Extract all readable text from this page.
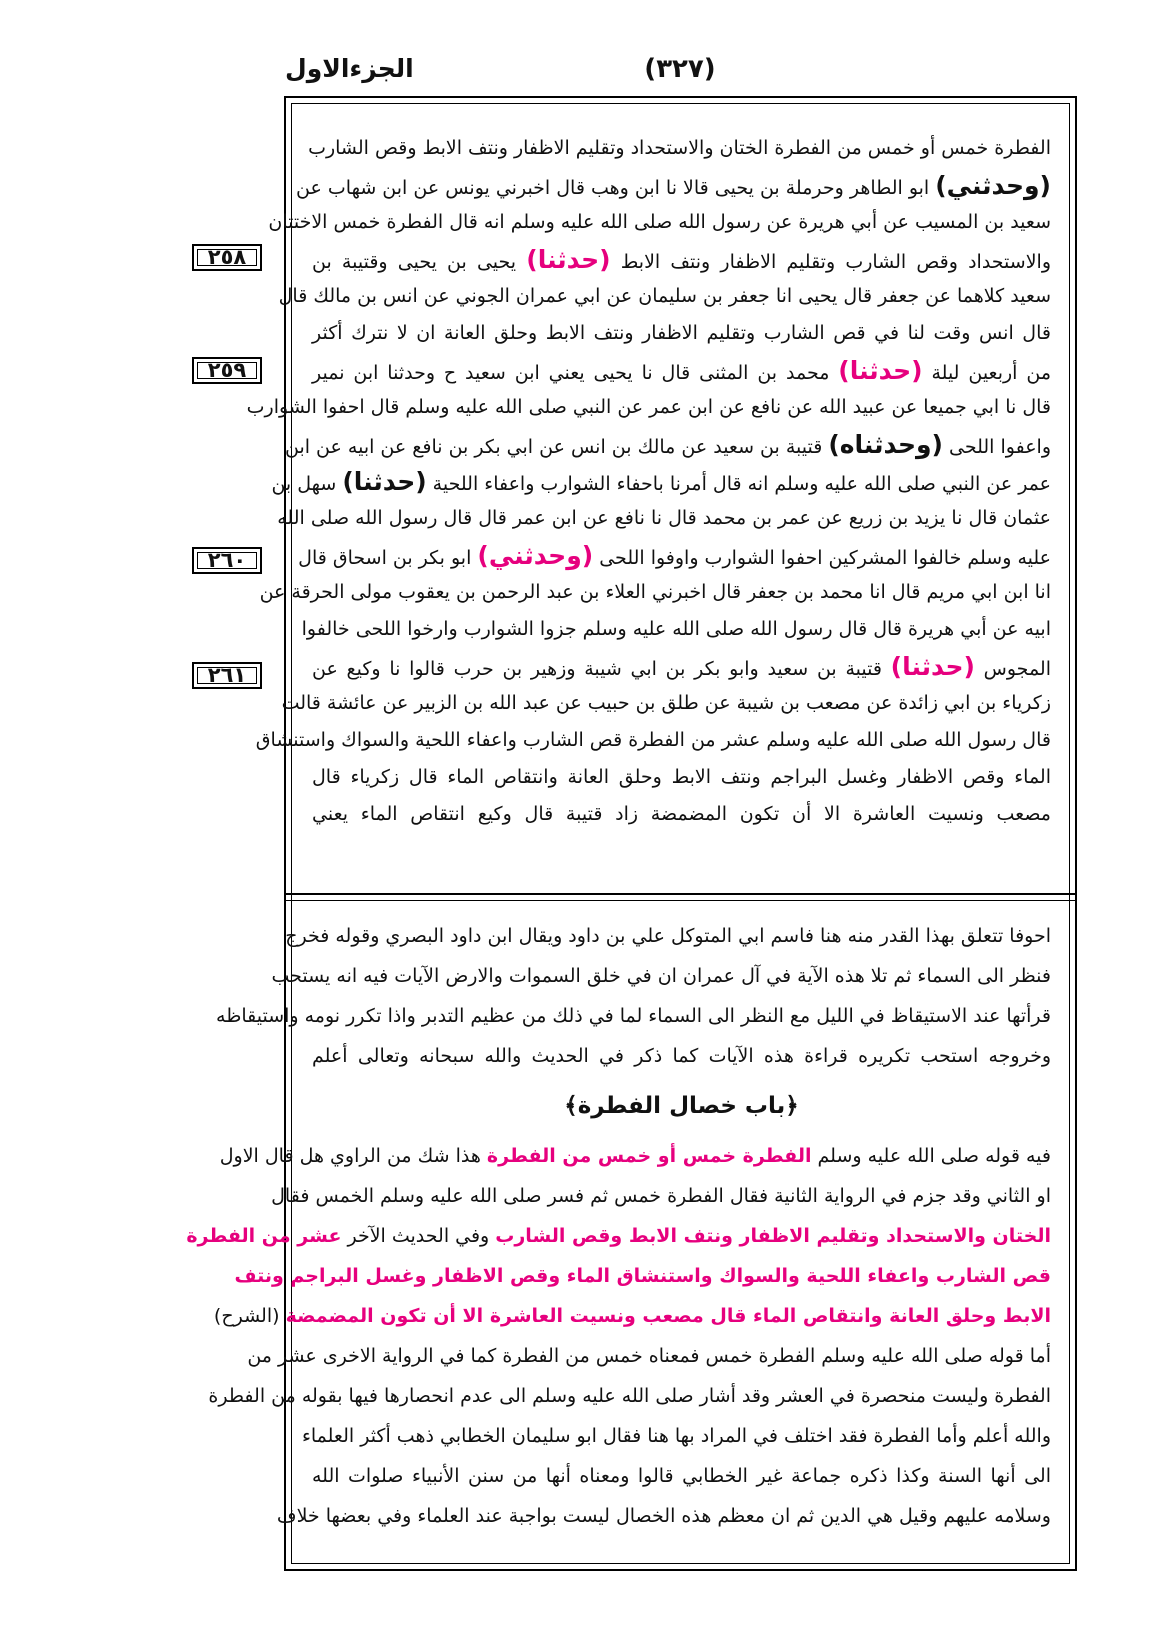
الجزءالاول	(٣٢٧)
٢٥٨
٢٥٩
٢٦٠
٢٦١
الفطرة خمس أو خمس من الفطرة الختان والاستحداد وتقليم الاظفار ونتف الابط وقص الشارب
(وحدثني) ابو الطاهر وحرملة بن يحيى قالا نا ابن وهب قال اخبرني يونس عن ابن شهاب عن
سعيد بن المسيب عن أبي هريرة عن رسول الله صلى الله عليه وسلم انه قال الفطرة خمس الاختتان
والاستحداد وقص الشارب وتقليم الاظفار ونتف الابط (حدثنا) يحيى بن يحيى وقتيبة بن
سعيد كلاهما عن جعفر قال يحيى انا جعفر بن سليمان عن ابي عمران الجوني عن انس بن مالك قال
قال انس وقت لنا في قص الشارب وتقليم الاظفار ونتف الابط وحلق العانة ان لا نترك أكثر
من أربعين ليلة (حدثنا) محمد بن المثنى قال نا يحيى يعني ابن سعيد ح وحدثنا ابن نمير
قال نا ابي جميعا عن عبيد الله عن نافع عن ابن عمر عن النبي صلى الله عليه وسلم قال احفوا الشوارب
واعفوا اللحى (وحدثناه) قتيبة بن سعيد عن مالك بن انس عن ابي بكر بن نافع عن ابيه عن ابن
عمر عن النبي صلى الله عليه وسلم انه قال أمرنا باحفاء الشوارب واعفاء اللحية (حدثنا) سهل بن
عثمان قال نا يزيد بن زريع عن عمر بن محمد قال نا نافع عن ابن عمر قال قال رسول الله صلى الله
عليه وسلم خالفوا المشركين احفوا الشوارب واوفوا اللحى (وحدثني) ابو بكر بن اسحاق قال
انا ابن ابي مريم قال انا محمد بن جعفر قال اخبرني العلاء بن عبد الرحمن بن يعقوب مولى الحرقة عن
ابيه عن أبي هريرة قال قال رسول الله صلى الله عليه وسلم جزوا الشوارب وارخوا اللحى خالفوا
المجوس (حدثنا) قتيبة بن سعيد وابو بكر بن ابي شيبة وزهير بن حرب قالوا نا وكيع عن
زكرياء بن ابي زائدة عن مصعب بن شيبة عن طلق بن حبيب عن عبد الله بن الزبير عن عائشة قالت
قال رسول الله صلى الله عليه وسلم عشر من الفطرة قص الشارب واعفاء اللحية والسواك واستنشاق
الماء وقص الاظفار وغسل البراجم ونتف الابط وحلق العانة وانتقاص الماء قال زكرياء قال
مصعب ونسيت العاشرة الا أن تكون المضمضة زاد قتيبة قال وكيع انتقاص الماء يعني
احوفا تتعلق بهذا القدر منه هنا فاسم ابي المتوكل علي بن داود ويقال ابن داود البصري وقوله فخرج
فنظر الى السماء ثم تلا هذه الآية في آل عمران ان في خلق السموات والارض الآيات فيه انه يستحب
قرأتها عند الاستيقاظ في الليل مع النظر الى السماء لما في ذلك من عظيم التدبر واذا تكرر نومه واستيقاظه
وخروجه استحب تكريره قراءة هذه الآيات كما ذكر في الحديث والله سبحانه وتعالى أعلم
﴿باب خصال الفطرة﴾
فيه قوله صلى الله عليه وسلم الفطرة خمس أو خمس من الفطرة هذا شك من الراوي هل قال الاول
او الثاني وقد جزم في الرواية الثانية فقال الفطرة خمس ثم فسر صلى الله عليه وسلم الخمس فقال
الختان والاستحداد وتقليم الاظفار ونتف الابط وقص الشارب وفي الحديث الآخر عشر من الفطرة
قص الشارب واعفاء اللحية والسواك واستنشاق الماء وقص الاظفار وغسل البراجم ونتف
الابط وحلق العانة وانتقاص الماء قال مصعب ونسيت العاشرة الا أن تكون المضمضة (الشرح)
أما قوله صلى الله عليه وسلم الفطرة خمس فمعناه خمس من الفطرة كما في الرواية الاخرى عشر من
الفطرة وليست منحصرة في العشر وقد أشار صلى الله عليه وسلم الى عدم انحصارها فيها بقوله من الفطرة
والله أعلم وأما الفطرة فقد اختلف في المراد بها هنا فقال ابو سليمان الخطابي ذهب أكثر العلماء
الى أنها السنة وكذا ذكره جماعة غير الخطابي قالوا ومعناه أنها من سنن الأنبياء صلوات الله
وسلامه عليهم وقيل هي الدين ثم ان معظم هذه الخصال ليست بواجبة عند العلماء وفي بعضها خلاف
